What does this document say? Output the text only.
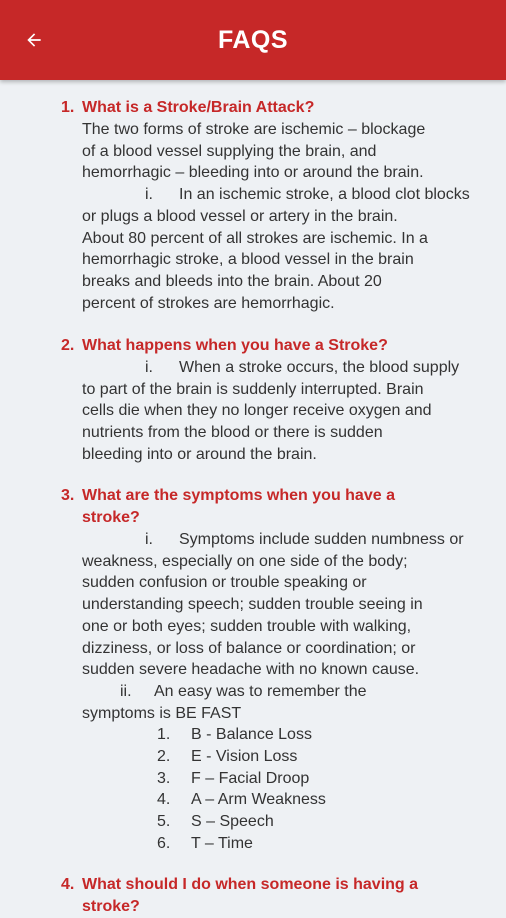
FAQS
1. What is a Stroke/Brain Attack?
The two forms of stroke are ischemic – blockage
of a blood vessel supplying the brain, and
hemorrhagic – bleeding into or around the brain.
i. In an ischemic stroke, a blood clot blocks
or plugs a blood vessel or artery in the brain.
About 80 percent of all strokes are ischemic. In a
hemorrhagic stroke, a blood vessel in the brain
breaks and bleeds into the brain. About 20
percent of strokes are hemorrhagic.
2. What happens when you have a Stroke?
i. When a stroke occurs, the blood supply
to part of the brain is suddenly interrupted. Brain
cells die when they no longer receive oxygen and
nutrients from the blood or there is sudden
bleeding into or around the brain.
3. What are the symptoms when you have a
stroke?
i. Symptoms include sudden numbness or
weakness, especially on one side of the body;
sudden confusion or trouble speaking or
understanding speech; sudden trouble seeing in
one or both eyes; sudden trouble with walking,
dizziness, or loss of balance or coordination; or
sudden severe headache with no known cause.
ii. An easy was to remember the
symptoms is BE FAST
1.	B - Balance Loss
2.	E - Vision Loss
3.	F – Facial Droop
4.	A – Arm Weakness
5.	S – Speech
6.	T – Time
4. What should I do when someone is having a
stroke?
